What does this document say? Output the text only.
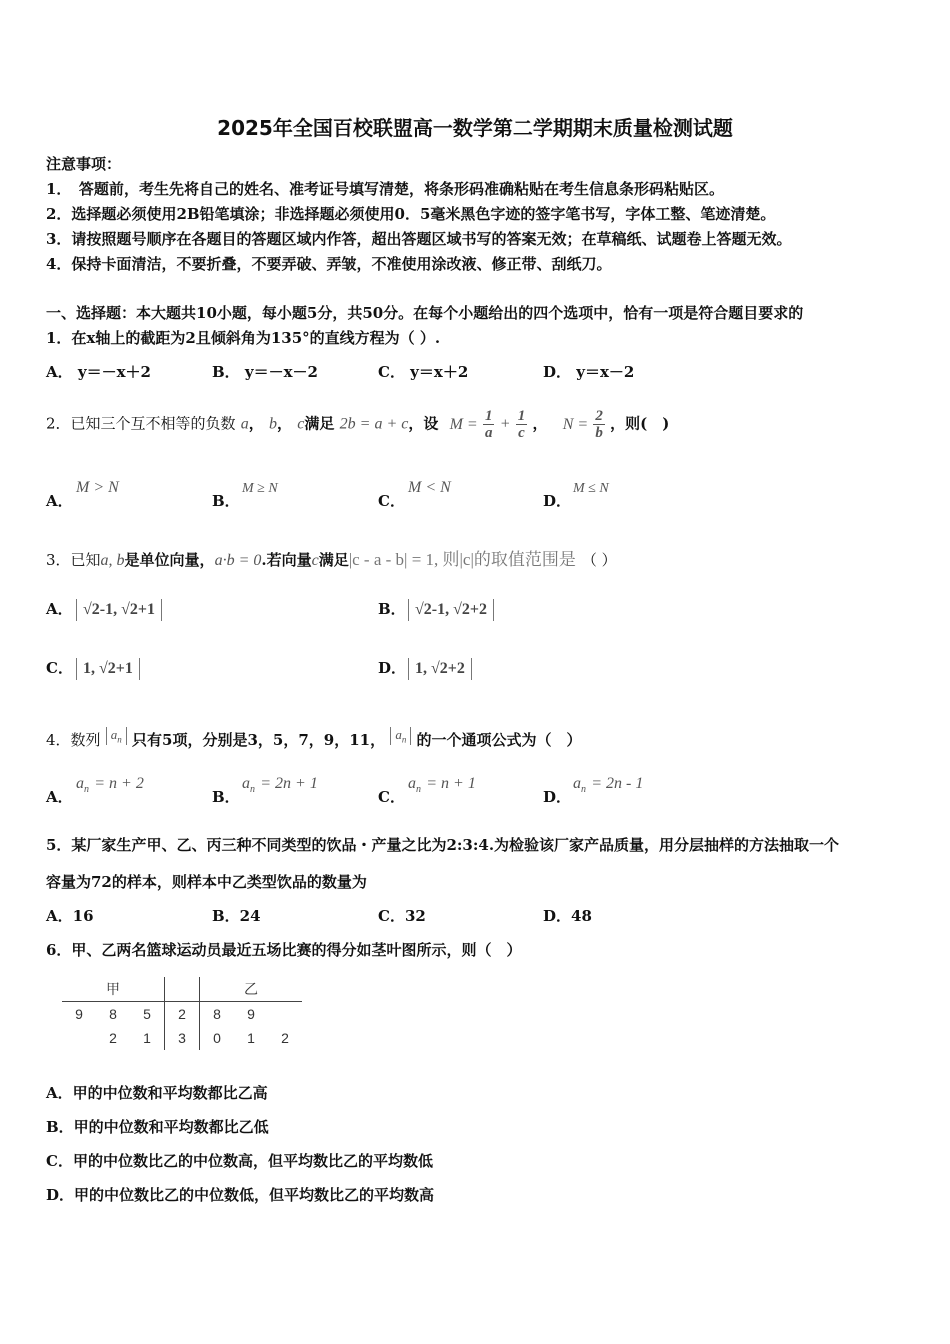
2025年全国百校联盟高一数学第二学期期末质量检测试题
注意事项：
1．　答题前，考生先将自己的姓名、准考证号填写清楚，将条形码准确粘贴在考生信息条形码粘贴区。
2．选择题必须使用2B铅笔填涂；非选择题必须使用0．5毫米黑色字迹的签字笔书写，字体工整、笔迹清楚。
3．请按照题号顺序在各题目的答题区域内作答，超出答题区域书写的答案无效；在草稿纸、试题卷上答题无效。
4．保持卡面清洁，不要折叠，不要弄破、弄皱，不准使用涂改液、修正带、刮纸刀。
一、选择题：本大题共10小题，每小题5分，共50分。在每个小题给出的四个选项中，恰有一项是符合题目要求的
1．在x轴上的截距为2且倾斜角为135°的直线方程为（ ）.
A． y＝－x＋2	B． y＝－x－2	C． y＝x＋2	D． y＝x－2
2．已知三个互不相等的负数 a， b， c满足 2b = a + c，设 $M = \frac{1}{a} + \frac{1}{c}$ ， $N = \frac{2}{b}$ ，则(　)
A．M > N
B．M ≥ N
C．M < N
D．M ≤ N
3．已知a, b是单位向量，a·b = 0.若向量c满足|c - a - b| = 1, 则|c|的取值范围是 （ ）
A． √2-1, √2+1	B． √2-1, √2+2
C． 1, √2+1	D． 1, √2+2
4．数列 $a_n$ 只有5项，分别是3，5，7，9，11， $a_n$ 的一个通项公式为（　）
A．$a_n = n + 2$
B．$a_n = 2n + 1$
C．$a_n = n + 1$
D．$a_n = 2n - 1$
5．某厂家生产甲、乙、丙三种不同类型的饮品・产量之比为2:3:4.为检验该厂家产品质量，用分层抽样的方法抽取一个
容量为72的样本，则样本中乙类型饮品的数量为
A．16	B．24	C．32	D．48
6．甲、乙两名篮球运动员最近五场比赛的得分如茎叶图所示，则（　）
甲				乙		
9	8	5	2	8	9	
	2	1	3	0	1	2
A．甲的中位数和平均数都比乙高
B．甲的中位数和平均数都比乙低
C．甲的中位数比乙的中位数高，但平均数比乙的平均数低
D．甲的中位数比乙的中位数低，但平均数比乙的平均数高
